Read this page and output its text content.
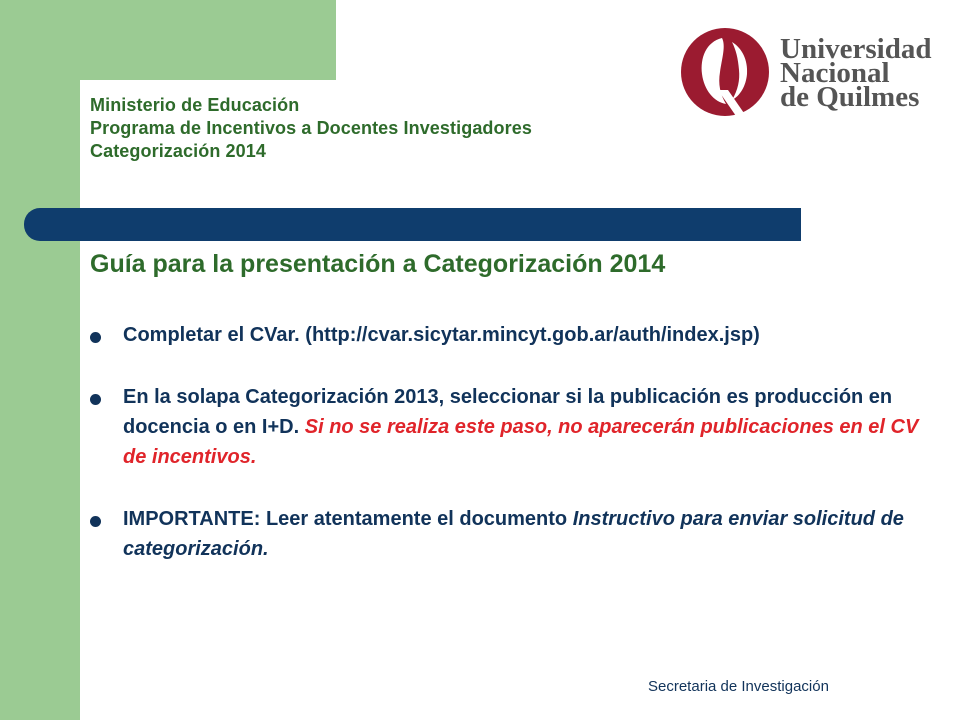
Ministerio de Educación
Programa de Incentivos a Docentes Investigadores
Categorización 2014
Universidad
Nacional
de Quilmes
Guía para la presentación a Categorización 2014
Completar el CVar. (http://cvar.sicytar.mincyt.gob.ar/auth/index.jsp)
En la solapa Categorización 2013, seleccionar si la publicación es producción en docencia o en I+D. Si no se realiza este paso, no aparecerán publicaciones en el CV de incentivos.
IMPORTANTE: Leer atentamente el documento Instructivo para enviar solicitud de categorización.
Secretaria de Investigación
